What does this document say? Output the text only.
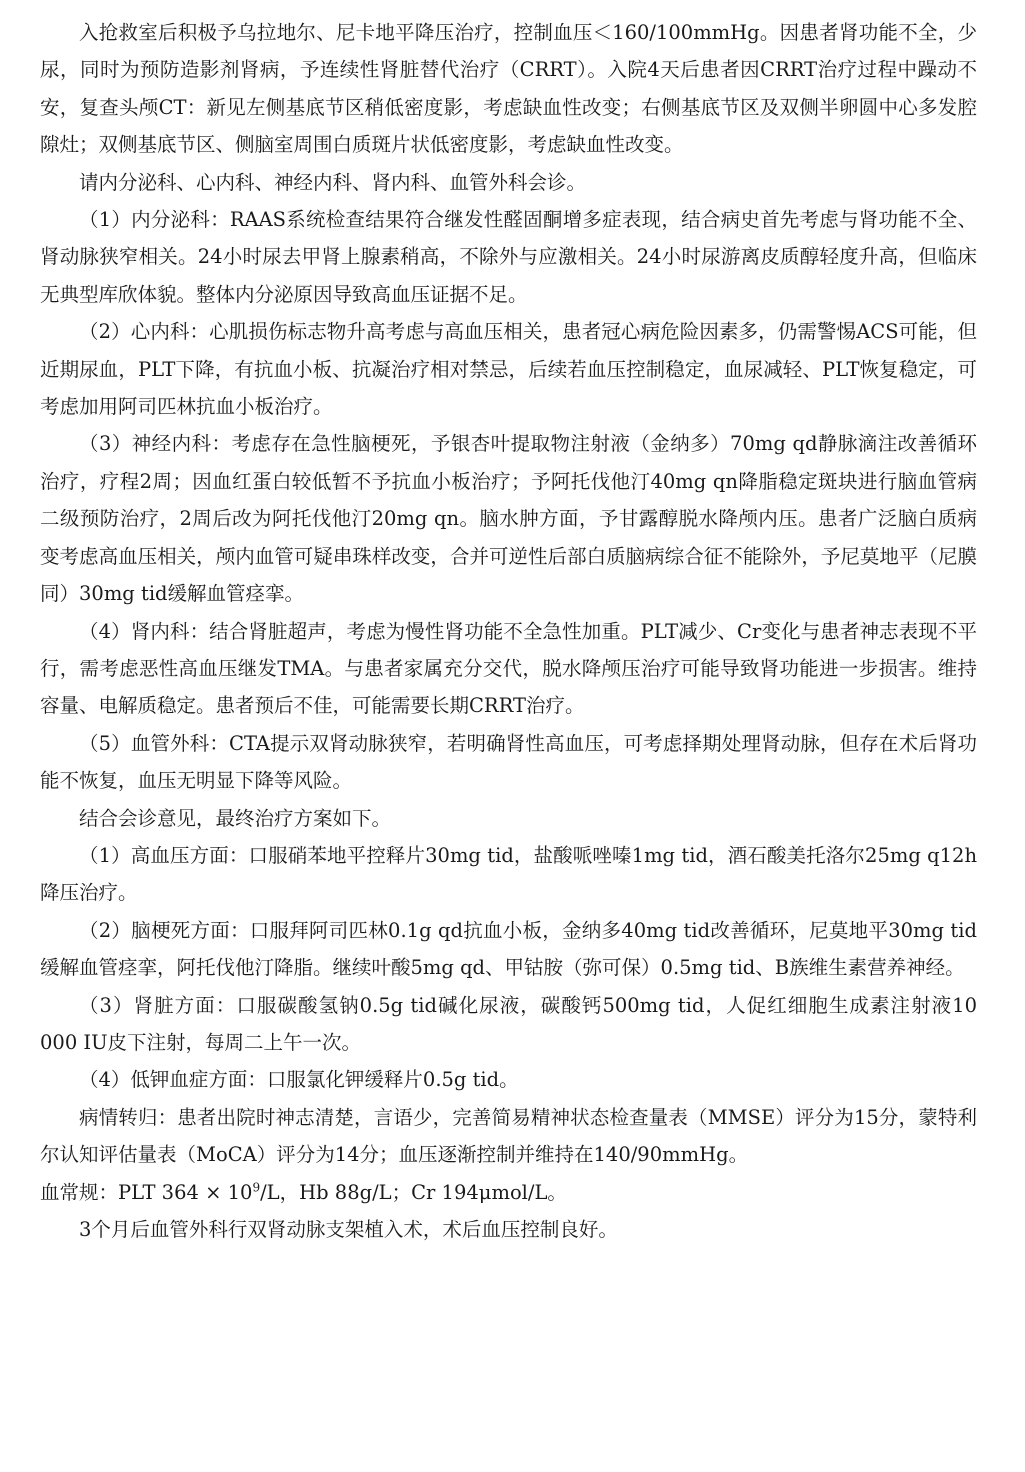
入抢救室后积极予乌拉地尔、尼卡地平降压治疗，控制血压＜160/100mmHg。因患者肾功能不全，少尿，同时为预防造影剂肾病，予连续性肾脏替代治疗（CRRT）。入院4天后患者因CRRT治疗过程中躁动不安，复查头颅CT：新见左侧基底节区稍低密度影，考虑缺血性改变；右侧基底节区及双侧半卵圆中心多发腔隙灶；双侧基底节区、侧脑室周围白质斑片状低密度影，考虑缺血性改变。

请内分泌科、心内科、神经内科、肾内科、血管外科会诊。

（1）内分泌科：RAAS系统检查结果符合继发性醛固酮增多症表现，结合病史首先考虑与肾功能不全、肾动脉狭窄相关。24小时尿去甲肾上腺素稍高，不除外与应激相关。24小时尿游离皮质醇轻度升高，但临床无典型库欣体貌。整体内分泌原因导致高血压证据不足。

（2）心内科：心肌损伤标志物升高考虑与高血压相关，患者冠心病危险因素多，仍需警惕ACS可能，但近期尿血，PLT下降，有抗血小板、抗凝治疗相对禁忌，后续若血压控制稳定，血尿减轻、PLT恢复稳定，可考虑加用阿司匹林抗血小板治疗。

（3）神经内科：考虑存在急性脑梗死，予银杏叶提取物注射液（金纳多）70mg qd静脉滴注改善循环治疗，疗程2周；因血红蛋白较低暂不予抗血小板治疗；予阿托伐他汀40mg qn降脂稳定斑块进行脑血管病二级预防治疗，2周后改为阿托伐他汀20mg qn。脑水肿方面，予甘露醇脱水降颅内压。患者广泛脑白质病变考虑高血压相关，颅内血管可疑串珠样改变，合并可逆性后部白质脑病综合征不能除外，予尼莫地平（尼膜同）30mg tid缓解血管痉挛。

（4）肾内科：结合肾脏超声，考虑为慢性肾功能不全急性加重。PLT减少、Cr变化与患者神志表现不平行，需考虑恶性高血压继发TMA。与患者家属充分交代，脱水降颅压治疗可能导致肾功能进一步损害。维持容量、电解质稳定。患者预后不佳，可能需要长期CRRT治疗。

（5）血管外科：CTA提示双肾动脉狭窄，若明确肾性高血压，可考虑择期处理肾动脉，但存在术后肾功能不恢复，血压无明显下降等风险。

结合会诊意见，最终治疗方案如下。

（1）高血压方面：口服硝苯地平控释片30mg tid，盐酸哌唑嗪1mg tid，酒石酸美托洛尔25mg q12h降压治疗。

（2）脑梗死方面：口服拜阿司匹林0.1g qd抗血小板，金纳多40mg tid改善循环，尼莫地平30mg tid缓解血管痉挛，阿托伐他汀降脂。继续叶酸5mg qd、甲钴胺（弥可保）0.5mg tid、B族维生素营养神经。

（3）肾脏方面：口服碳酸氢钠0.5g tid碱化尿液，碳酸钙500mg tid，人促红细胞生成素注射液10 000 IU皮下注射，每周二上午一次。

（4）低钾血症方面：口服氯化钾缓释片0.5g tid。

病情转归：患者出院时神志清楚，言语少，完善简易精神状态检查量表（MMSE）评分为15分，蒙特利尔认知评估量表（MoCA）评分为14分；血压逐渐控制并维持在140/90mmHg。

血常规：PLT $364 \times 10^9/L$，Hb 88g/L；Cr 194μmol/L。

3个月后血管外科行双肾动脉支架植入术，术后血压控制良好。
